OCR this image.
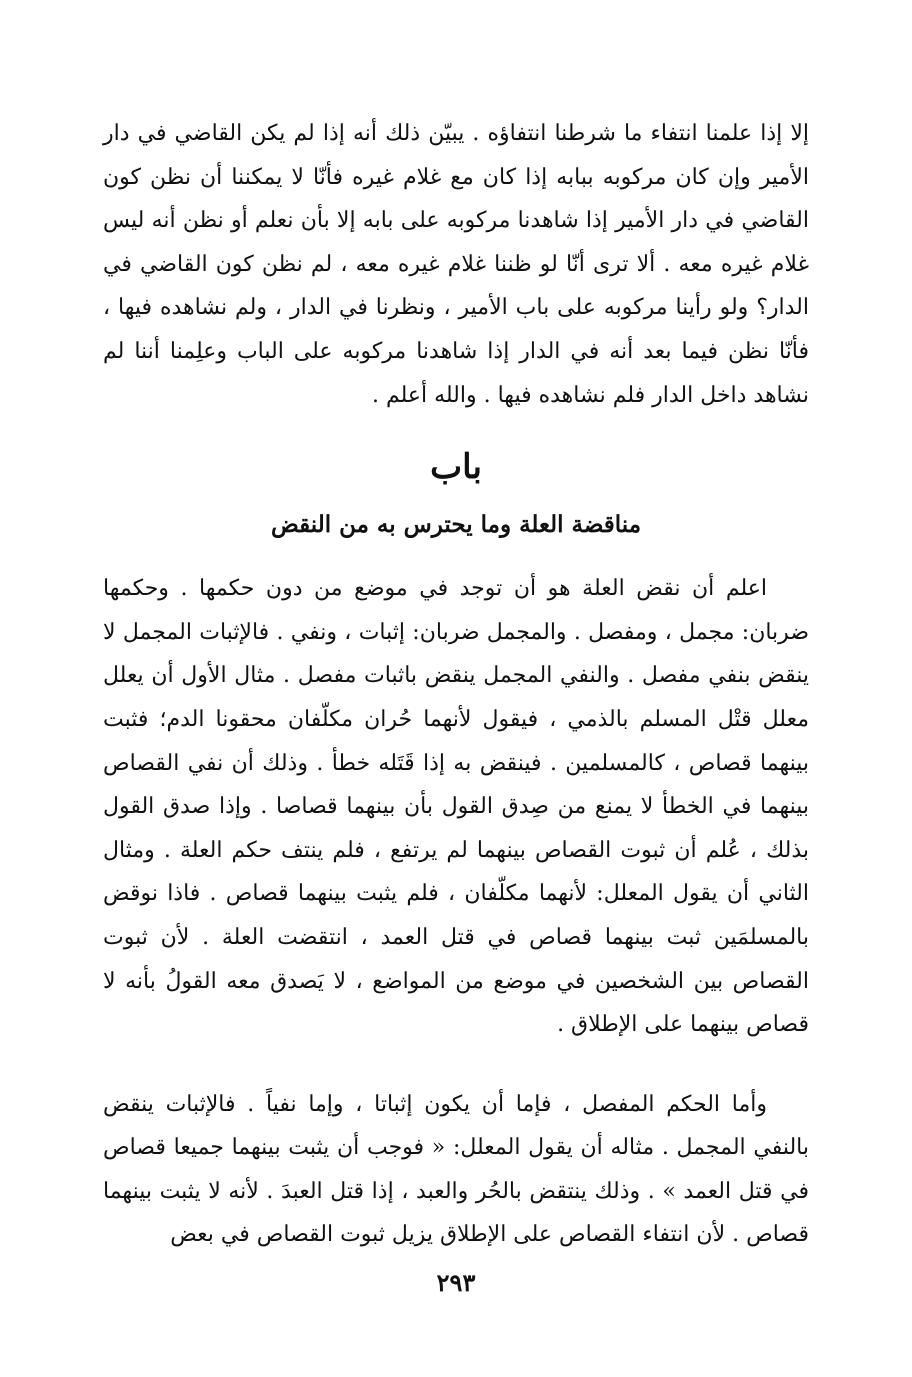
إلا إذا علمنا انتفاء ما شرطنا انتفاؤه . يبيّن ذلك أنه إذا لم يكن القاضي في دار الأمير وإن كان مركوبه ببابه إذا كان مع غلام غيره فأنّا لا يمكننا أن نظن كون القاضي في دار الأمير إذا شاهدنا مركوبه على بابه إلا بأن نعلم أو نظن أنه ليس غلام غيره معه . ألا ترى أنّا لو ظننا غلام غيره معه ، لم نظن كون القاضي في الدار؟ ولو رأينا مركوبه على باب الأمير ، ونظرنا في الدار ، ولم نشاهده فيها ، فأنّا نظن فيما بعد أنه في الدار إذا شاهدنا مركوبه على الباب وعلِمنا أننا لم نشاهد داخل الدار فلم نشاهده فيها . والله أعلم .

باب
مناقضة العلة وما يحترس به من النقض

اعلم أن نقض العلة هو أن توجد في موضع من دون حكمها . وحكمها ضربان: مجمل ، ومفصل . والمجمل ضربان: إثبات ، ونفي . فالإثبات المجمل لا ينقض بنفي مفصل . والنفي المجمل ينقض باثبات مفصل . مثال الأول أن يعلل معلل قتْل المسلم بالذمي ، فيقول لأنهما حُران مكلّفان محقونا الدم؛ فثبت بينهما قصاص ، كالمسلمين . فينقض به إذا قَتَله خطأ . وذلك أن نفي القصاص بينهما في الخطأ لا يمنع من صِدق القول بأن بينهما قصاصا . وإذا صدق القول بذلك ، عُلم أن ثبوت القصاص بينهما لم يرتفع ، فلم ينتف حكم العلة . ومثال الثاني أن يقول المعلل: لأنهما مكلّفان ، فلم يثبت بينهما قصاص . فاذا نوقض بالمسلمَين ثبت بينهما قصاص في قتل العمد ، انتقضت العلة . لأن ثبوت القصاص بين الشخصين في موضع من المواضع ، لا يَصدق معه القولُ بأنه لا قصاص بينهما على الإطلاق .

وأما الحكم المفصل ، فإما أن يكون إثباتا ، وإما نفياً . فالإثبات ينقض بالنفي المجمل . مثاله أن يقول المعلل: « فوجب أن يثبت بينهما جميعا قصاص في قتل العمد » . وذلك ينتقض بالحُر والعبد ، إذا قتل العبدَ . لأنه لا يثبت بينهما قصاص . لأن انتفاء القصاص على الإطلاق يزيل ثبوت القصاص في بعض

٢٩٣
